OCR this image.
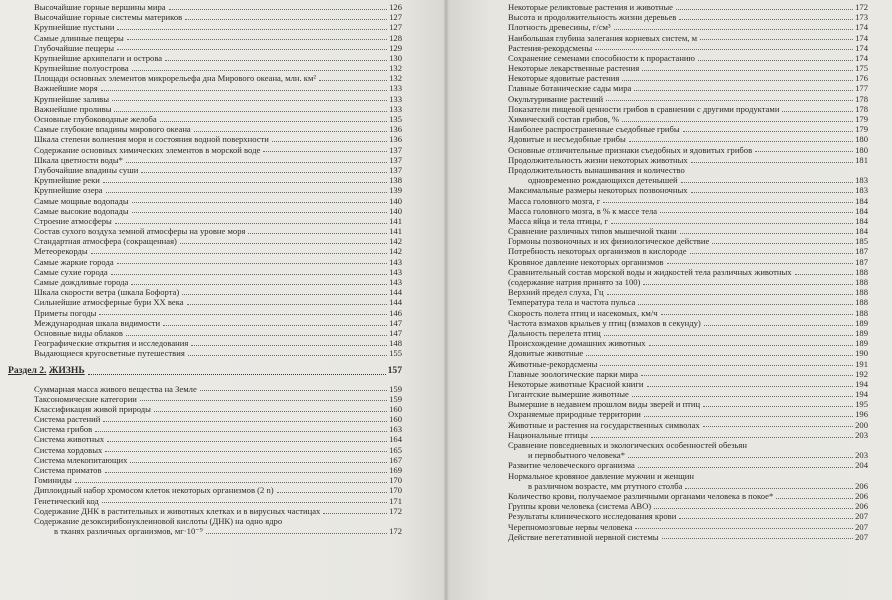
Высочайшие горные вершины мира	126
Высочайшие горные системы материков	127
Крупнейшие пустыни	127
Самые длинные пещеры	128
Глубочайшие пещеры	129
Крупнейшие архипелаги и острова	130
Крупнейшие полуострова	132
Площади основных элементов микрорельефа дна Мирового океана, млн. км²	132
Важнейшие моря	133
Крупнейшие заливы	133
Важнейшие проливы	133
Основные глубоководные желоба	135
Самые глубокие впадины мирового океана	136
Шкала степени волнения моря и состояния водной поверхности	136
Содержание основных химических элементов в морской воде	137
Шкала цветности воды*	137
Глубочайшие впадины суши	137
Крупнейшие реки	138
Крупнейшие озера	139
Самые мощные водопады	140
Самые высокие водопады	140
Строение атмосферы	141
Состав сухого воздуха земной атмосферы на уровне моря	141
Стандартная атмосфера (сокращенная)	142
Метеорекорды	142
Самые жаркие города	143
Самые сухие города	143
Самые дождливые города	143
Шкала скорости ветра (шкала Бофорта)	144
Сильнейшие атмосферные бури XX века	144
Приметы погоды	146
Международная шкала видимости	147
Основные виды облаков	147
Географические открытия и исследования	148
Выдающиеся кругосветные путешествия	155
Раздел 2. ЖИЗНЬ	157
Суммарная масса живого вещества на Земле	159
Таксономические категории	159
Классификация живой природы	160
Система растений	160
Система грибов	163
Система животных	164
Система хордовых	165
Система млекопитающих	167
Система приматов	169
Гоминиды	170
Диплоидный набор хромосом клеток некоторых организмов (2 n)	170
Генетический код	171
Содержание ДНК в растительных и животных клетках и в вирусных частицах	172
Содержание дезоксирибонуклеиновой кислоты (ДНК) на одно ядро
в тканях различных организмов, мг·10⁻⁹	172
Некоторые реликтовые растения и животные	172
Высота и продолжительность жизни деревьев	173
Плотность древесины, г/см³	174
Наибольшая глубина залегания корневых систем, м	174
Растения-рекордсмены	174
Сохранение семенами способности к прорастанию	174
Некоторые лекарственные растения	175
Некоторые ядовитые растения	176
Главные ботанические сады мира	177
Окультуривание растений	178
Показатели пищевой ценности грибов в сравнении с другими продуктами	178
Химический состав грибов, %	179
Наиболее распространенные съедобные грибы	179
Ядовитые и несъедобные грибы	180
Основные отличительные признаки съедобных и ядовитых грибов	180
Продолжительность жизни некоторых животных	181
Продолжительность вынашивания и количество
одновременно рождающихся детенышей	183
Максимальные размеры некоторых позвоночных	183
Масса головного мозга, г	184
Масса головного мозга, в % к массе тела	184
Масса яйца и тела птицы, г	184
Сравнение различных типов мышечной ткани	184
Гормоны позвоночных и их физиологическое действие	185
Потребность некоторых организмов в кислороде	187
Кровяное давление некоторых организмов	187
Сравнительный состав морской воды и жидкостей тела различных животных	188
(содержание натрия принято за 100)	188
Верхний предел слуха, Гц	188
Температура тела и частота пульса	188
Скорость полета птиц и насекомых, км/ч	188
Частота взмахов крыльев у птиц (взмахов в секунду)	189
Дальность перелета птиц	189
Происхождение домашних животных	189
Ядовитые животные	190
Животные-рекордсмены	191
Главные зоологические парки мира	192
Некоторые животные Красной книги	194
Гигантские вымершие животные	194
Вымершие в недавнем прошлом виды зверей и птиц	195
Охраняемые природные территории	196
Животные и растения на государственных символах	200
Национальные птицы	203
Сравнение повседневных и экологических особенностей обезьян
и первобытного человека*	203
Развитие человеческого организма	204
Нормальное кровяное давление мужчин и женщин
в различном возрасте, мм ртутного столба	206
Количество крови, получаемое различными органами человека в покое*	206
Группы крови человека (система АВО)	206
Результаты клинического исследования крови	207
Черепномозговые нервы человека	207
Действие вегетативной нервной системы	207
